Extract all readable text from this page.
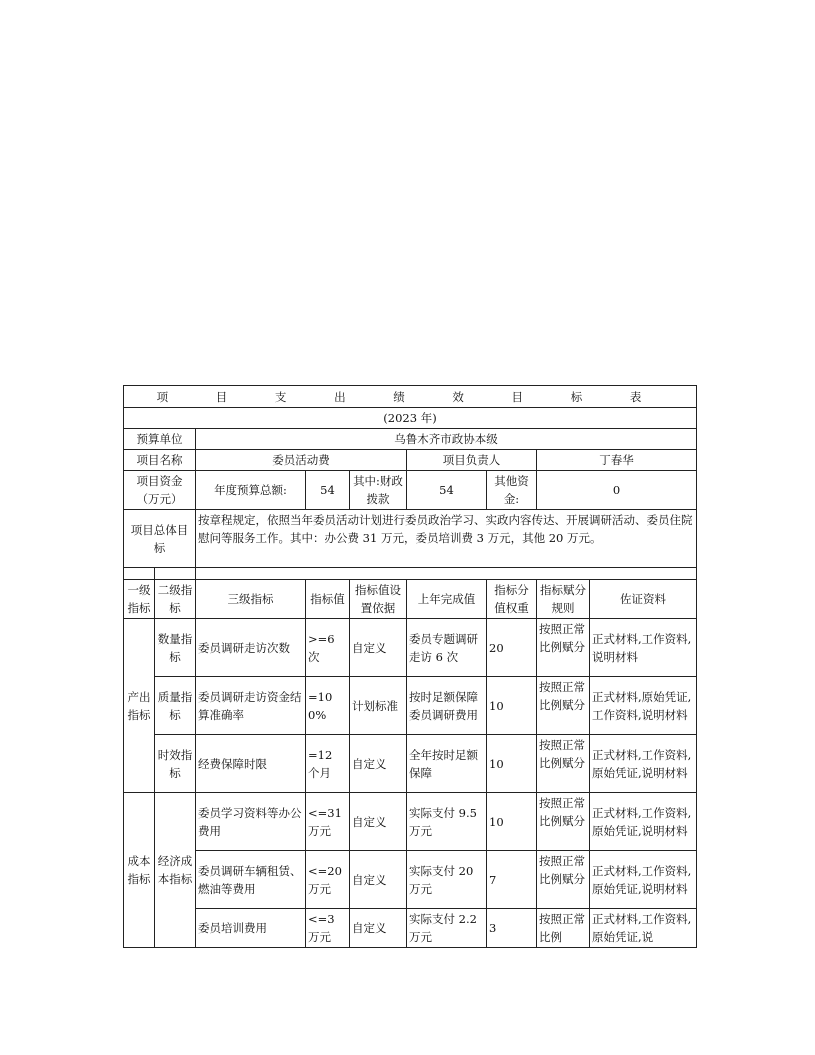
项 目 支 出 绩 效 目 标 表								
(2023 年)								
预算单位		乌鲁木齐市政协本级						
项目名称		委员活动费			项目负责人		丁春华	
项目资金（万元）		年度预算总额:	54	其中:财政拨款	54	其他资金:	0	
项目总体目标		按章程规定，依照当年委员活动计划进行委员政治学习、实政内容传达、开展调研活动、委员住院慰问等服务工作。其中：办公费 31 万元，委员培训费 3 万元，其他 20 万元。						

一级指标	二级指标	三级指标	指标值	指标值设置依据	上年完成值	指标分值权重	指标赋分规则	佐证资料
产出指标	数量指标	委员调研走访次数	>=6 次	自定义	委员专题调研走访 6 次	20	按照正常比例赋分	正式材料,工作资料,说明材料
	质量指标	委员调研走访资金结算准确率	=100%	计划标准	按时足额保障委员调研费用	10	按照正常比例赋分	正式材料,原始凭证,工作资料,说明材料
	时效指标	经费保障时限	=12 个月	自定义	全年按时足额保障	10	按照正常比例赋分	正式材料,工作资料,原始凭证,说明材料
成本指标	经济成本指标	委员学习资料等办公费用	<=31 万元	自定义	实际支付 9.5 万元	10	按照正常比例赋分	正式材料,工作资料,原始凭证,说明材料
		委员调研车辆租赁、燃油等费用	<=20 万元	自定义	实际支付 20 万元	7	按照正常比例赋分	正式材料,工作资料,原始凭证,说明材料
		委员培训费用	<=3 万元	自定义	实际支付 2.2 万元	3	按照正常比例	正式材料,工作资料,原始凭证,说
